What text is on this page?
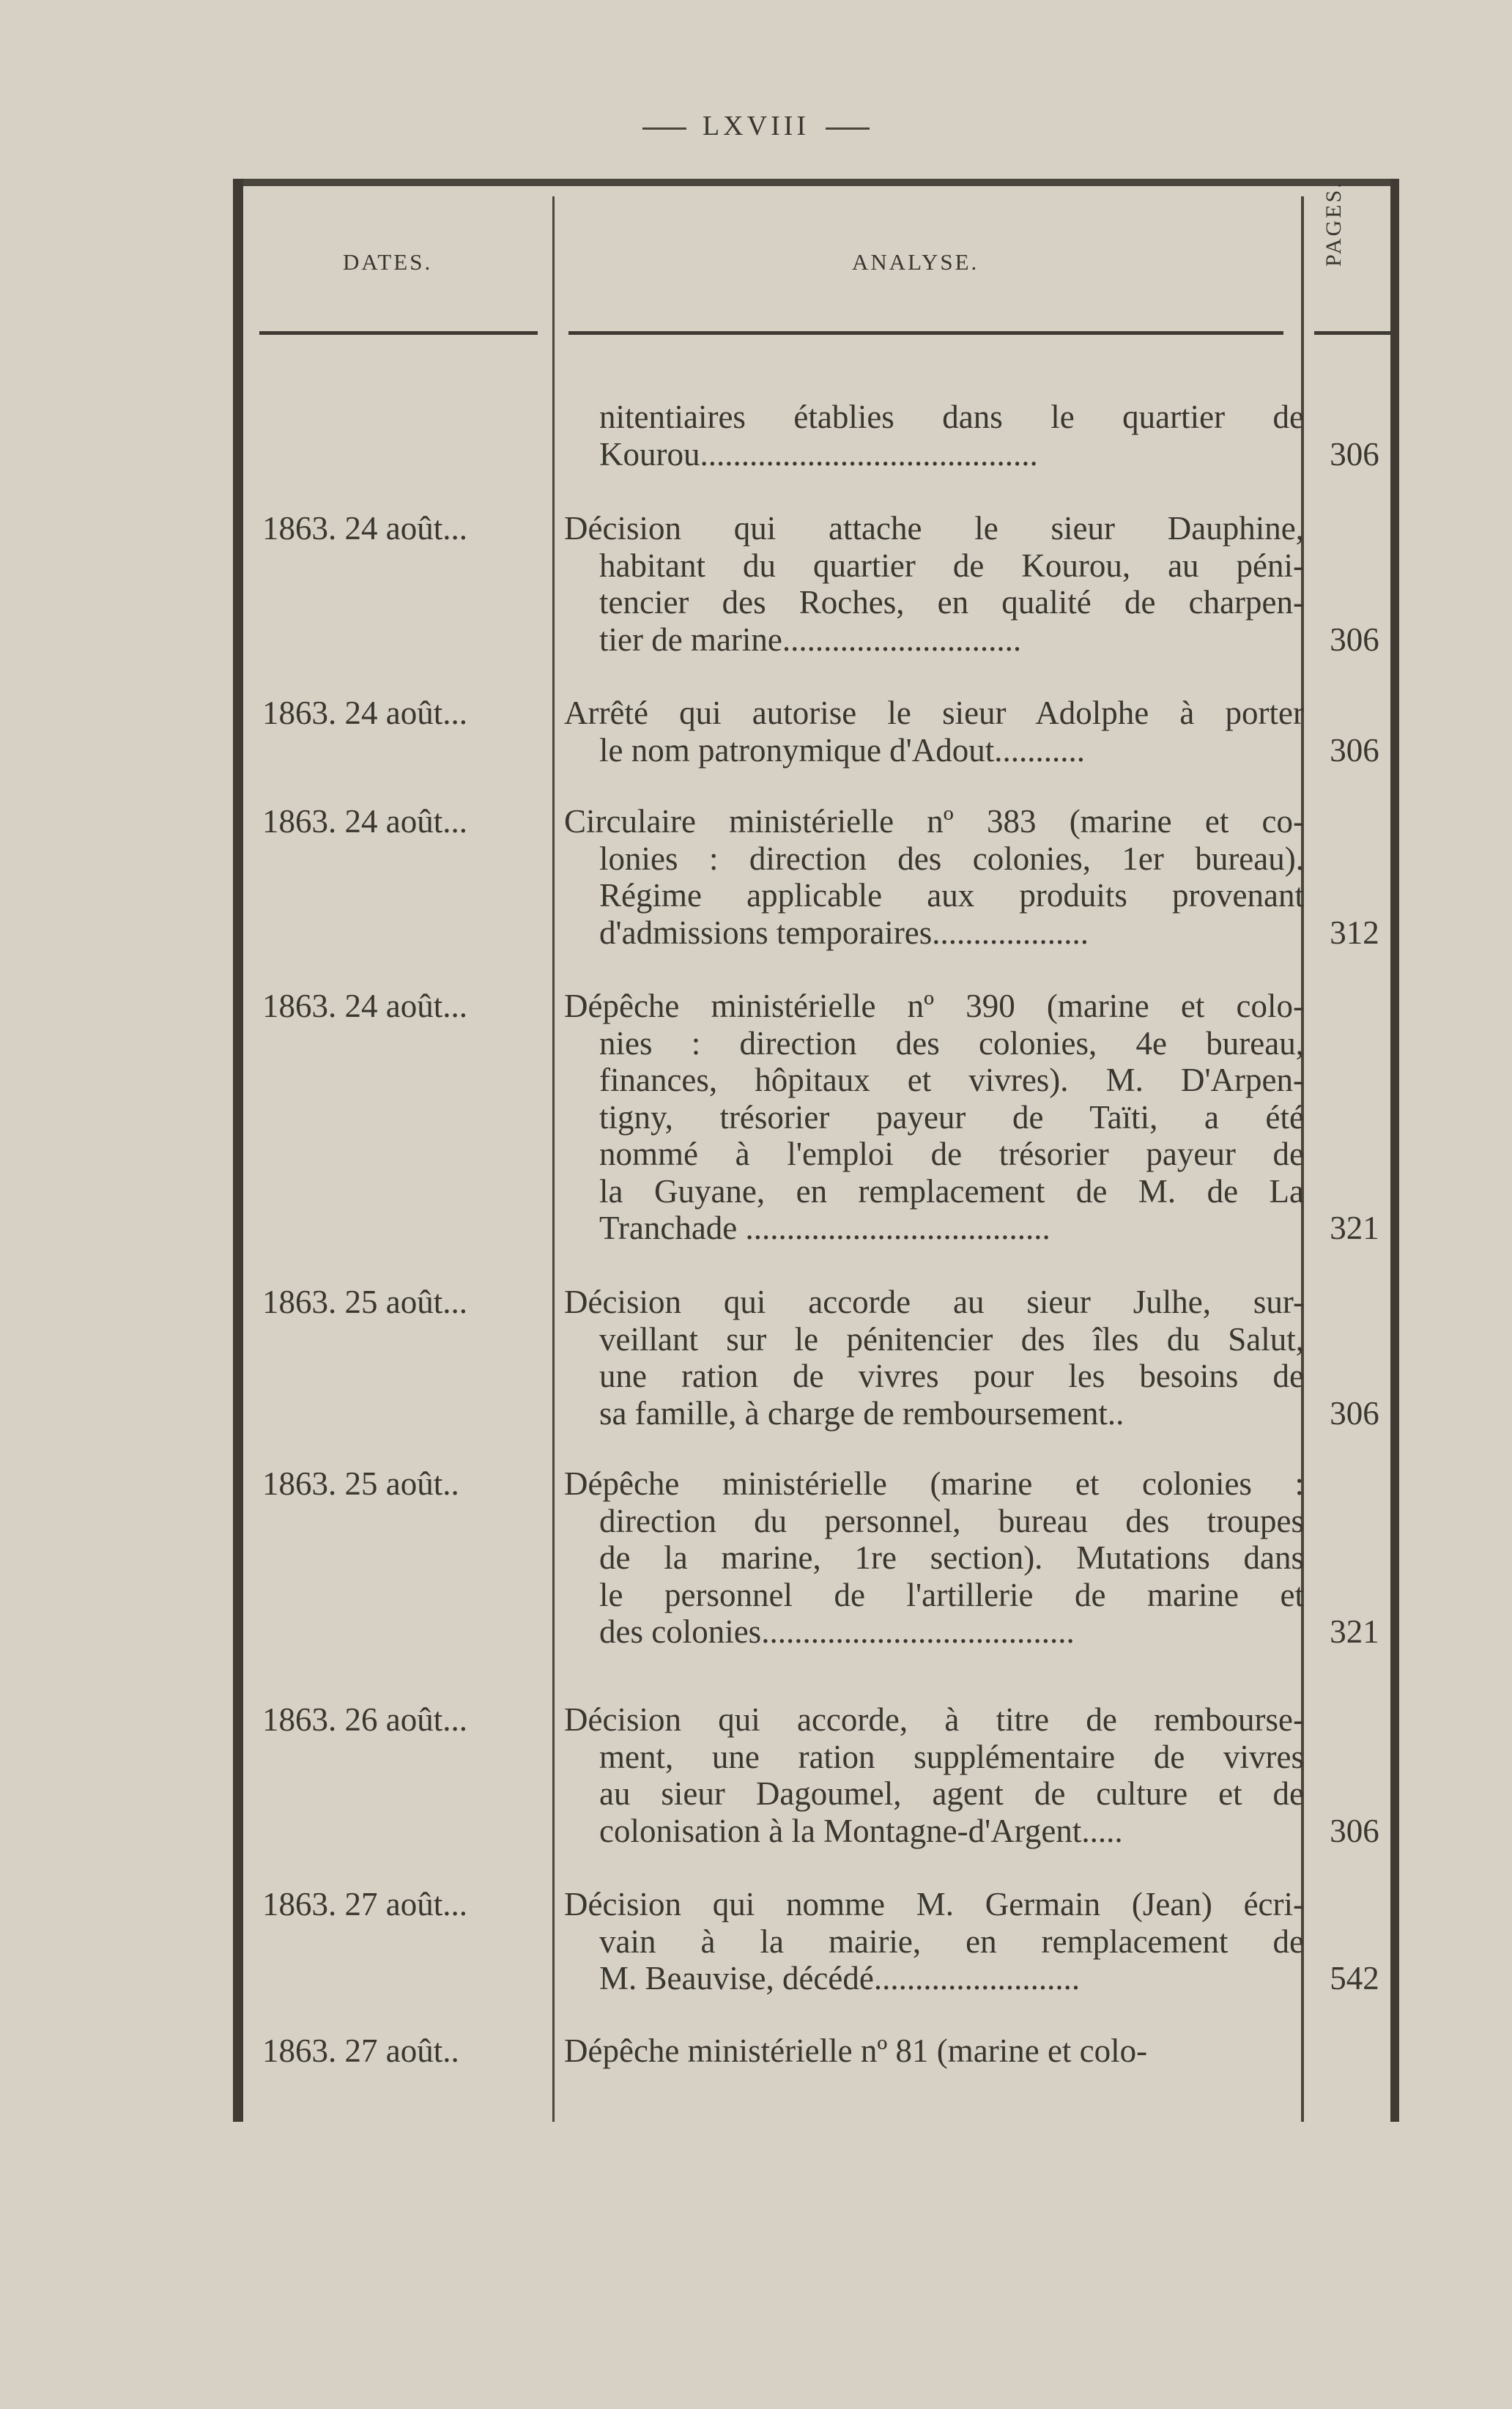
LXVIII
DATES.	ANALYSE.	PAGES.
nitentiaires établies dans le quartier de
Kourou.........................................	306
1863. 24 août...	Décision qui attache le sieur Dauphine,
habitant du quartier de Kourou, au péni-
tencier des Roches, en qualité de charpen-
tier de marine.............................	306
1863. 24 août...	Arrêté qui autorise le sieur Adolphe à porter
le nom patronymique d'Adout...........	306
1863. 24 août...	Circulaire ministérielle nº 383 (marine et co-
lonies : direction des colonies, 1er bureau).
Régime applicable aux produits provenant
d'admissions temporaires...................	312
1863. 24 août...	Dépêche ministérielle nº 390 (marine et colo-
nies : direction des colonies, 4e bureau,
finances, hôpitaux et vivres). M. D'Arpen-
tigny, trésorier payeur de Taïti, a été
nommé à l'emploi de trésorier payeur de
la Guyane, en remplacement de M. de La
Tranchade .....................................	321
1863. 25 août...	Décision qui accorde au sieur Julhe, sur-
veillant sur le pénitencier des îles du Salut,
une ration de vivres pour les besoins de
sa famille, à charge de remboursement..	306
1863. 25 août..	Dépêche ministérielle (marine et colonies :
direction du personnel, bureau des troupes
de la marine, 1re section). Mutations dans
le personnel de l'artillerie de marine et
des colonies......................................	321
1863. 26 août...	Décision qui accorde, à titre de rembourse-
ment, une ration supplémentaire de vivres
au sieur Dagoumel, agent de culture et de
colonisation à la Montagne-d'Argent.....	306
1863. 27 août...	Décision qui nomme M. Germain (Jean) écri-
vain à la mairie, en remplacement de
M. Beauvise, décédé.........................	542
1863. 27 août..	Dépêche ministérielle nº 81 (marine et colo-
